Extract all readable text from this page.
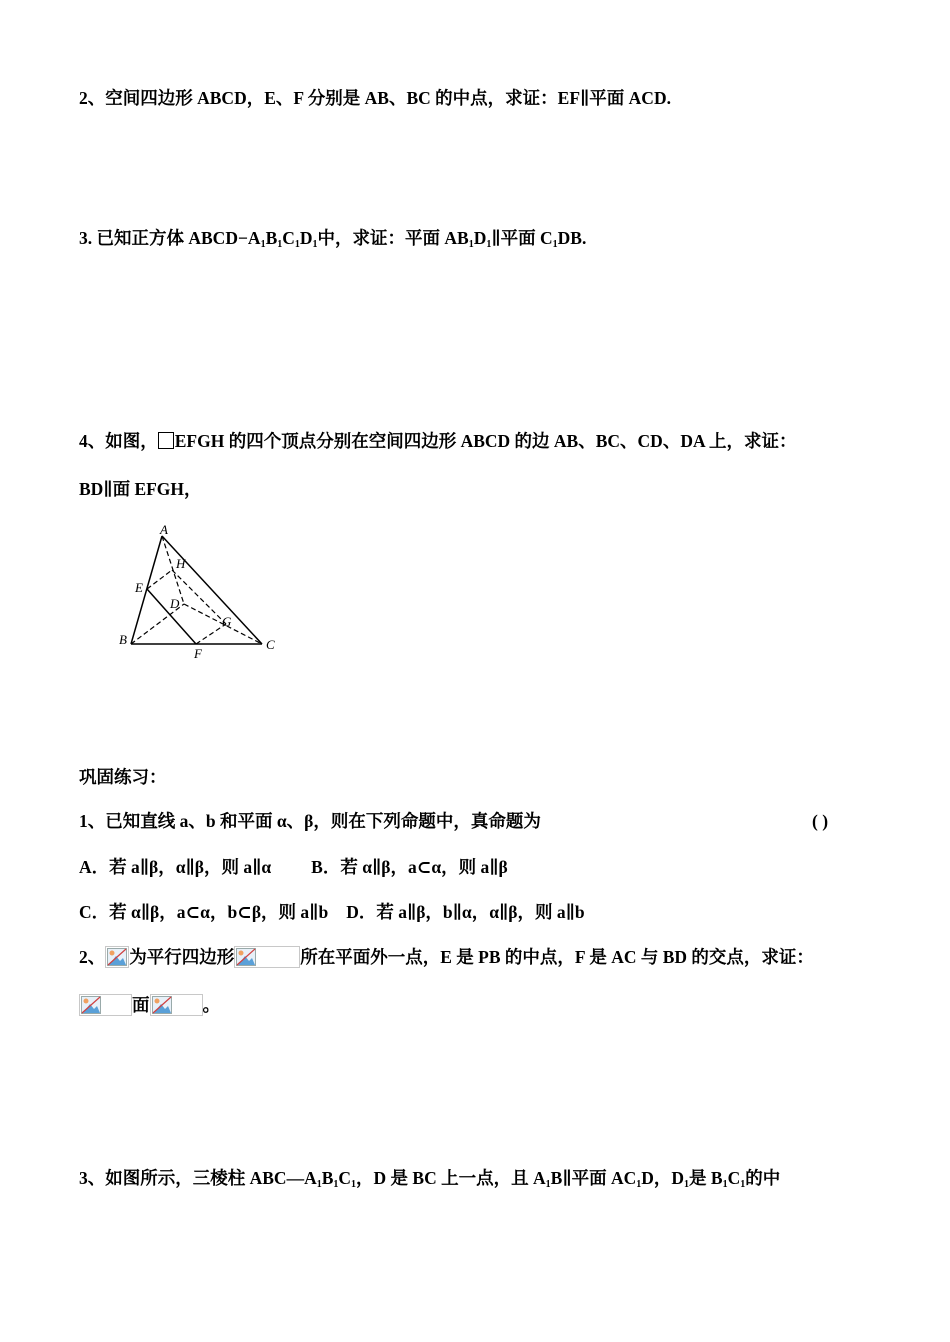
2、空间四边形 ABCD，E、F 分别是 AB、BC 的中点，求证：EF∥平面 ACD.

3. 已知正方体 $ABCD-A_1B_1C_1D_1$中，求证：平面 $AB_1D_1\parallel$平面 $C_1DB$.

4、如图， EFGH 的四个顶点分别在空间四边形 ABCD 的边 AB、BC、CD、DA 上，求证：

BD∥面 EFGH，

A
B	C
D
E
F
G
H

巩固练习：

1、已知直线 a、b 和平面 α、β，则在下列命题中，真命题为	( )

A．若 a∥β，α∥β，则 a∥α B．若 α∥β，a⊂α，则 a∥β

C．若 α∥β，a⊂α，b⊂β，则 a∥b D．若 a∥β，b∥α，α∥β，则 a∥b

2、 为平行四边形	所在平面外一点，E 是 PB 的中点，F 是 AC 与 BD 的交点，求证：

面	。

3、如图所示，三棱柱 $ABC—A_1B_1C_1$，D 是 BC 上一点，且 $A_1B\parallel$平面 $AC_1D$，$D_1$是 $B_1C_1$的中
